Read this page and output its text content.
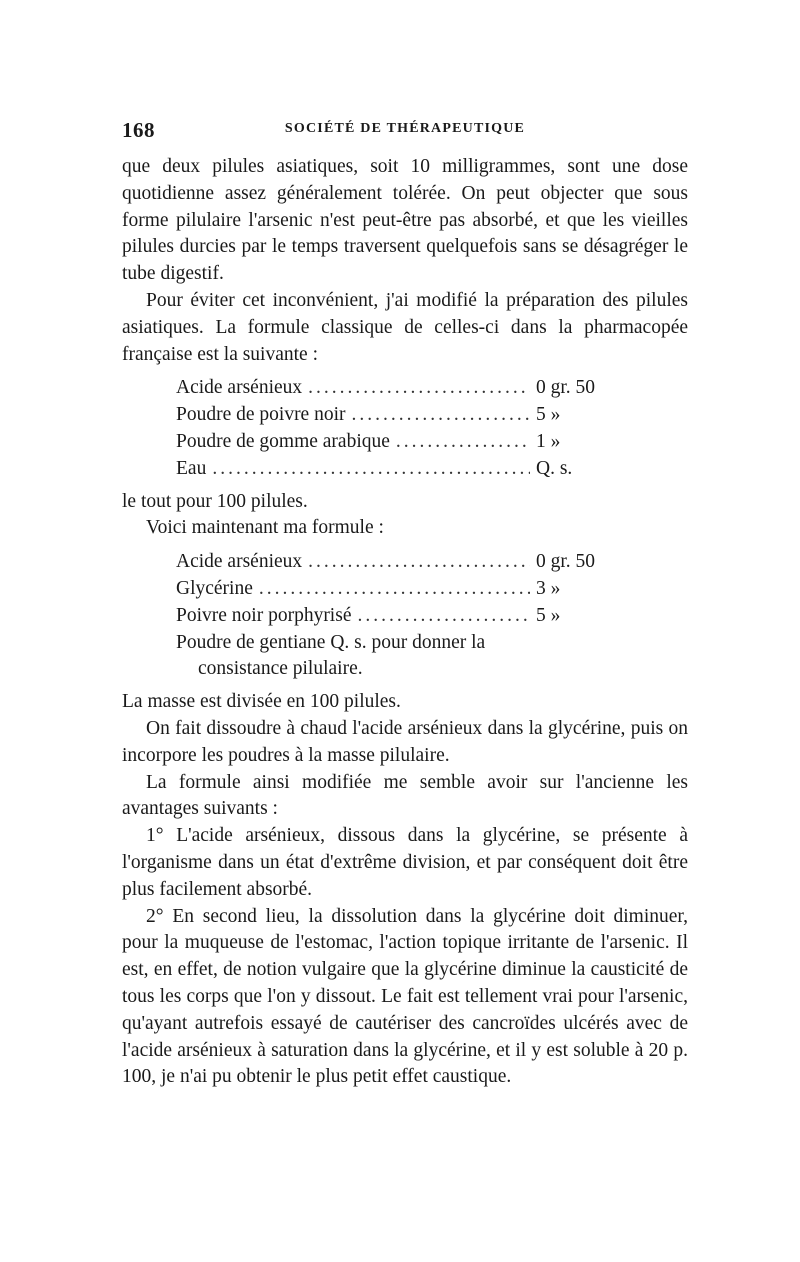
168	SOCIÉTÉ DE THÉRAPEUTIQUE

que deux pilules asiatiques, soit 10 milligrammes, sont une dose quotidienne assez généralement tolérée. On peut objecter que sous forme pilulaire l'arsenic n'est peut-être pas absorbé, et que les vieilles pilules durcies par le temps traversent quelquefois sans se désagréger le tube digestif.

Pour éviter cet inconvénient, j'ai modifié la préparation des pilules asiatiques. La formule classique de celles-ci dans la pharmacopée française est la suivante :

Acide arsénieux .....	0 gr. 50
Poudre de poivre noir .....	5 »
Poudre de gomme arabique .....	1 »
Eau .....	Q. s.

le tout pour 100 pilules.

Voici maintenant ma formule :

Acide arsénieux .....	0 gr. 50
Glycérine .....	3 »
Poivre noir porphyrisé .....	5 »
Poudre de gentiane Q. s. pour donner la
consistance pilulaire.

La masse est divisée en 100 pilules.

On fait dissoudre à chaud l'acide arsénieux dans la glycérine, puis on incorpore les poudres à la masse pilulaire.

La formule ainsi modifiée me semble avoir sur l'ancienne les avantages suivants :

1° L'acide arsénieux, dissous dans la glycérine, se présente à l'organisme dans un état d'extrême division, et par conséquent doit être plus facilement absorbé.

2° En second lieu, la dissolution dans la glycérine doit diminuer, pour la muqueuse de l'estomac, l'action topique irritante de l'arsenic. Il est, en effet, de notion vulgaire que la glycérine diminue la causticité de tous les corps que l'on y dissout. Le fait est tellement vrai pour l'arsenic, qu'ayant autrefois essayé de cautériser des cancroïdes ulcérés avec de l'acide arsénieux à saturation dans la glycérine, et il y est soluble à 20 p. 100, je n'ai pu obtenir le plus petit effet caustique.
